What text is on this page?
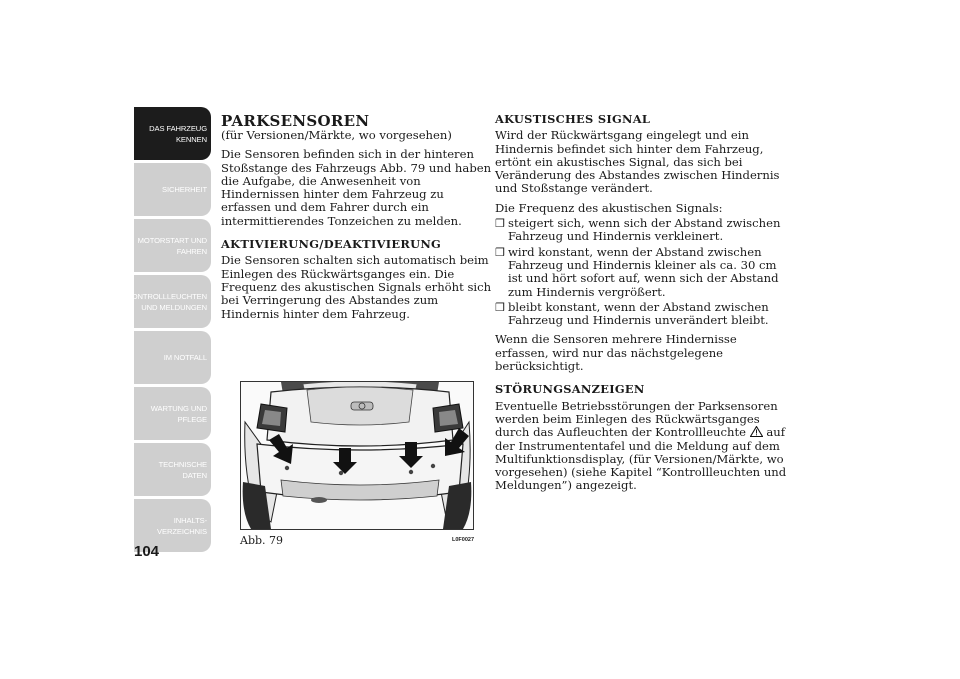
DAS FAHRZEUG
KENNEN
SICHERHEIT
MOTORSTART UND
FAHREN
KONTROLLLEUCHTEN
UND MELDUNGEN
IM NOTFALL
WARTUNG UND
PFLEGE
TECHNISCHE
DATEN
INHALTS-
VERZEICHNIS
104
PARKSENSOREN

(für Versionen/Märkte, wo vorgesehen)

Die Sensoren befinden sich in der hinteren Stoßstange des Fahrzeugs Abb. 79 und haben die Aufgabe, die Anwesenheit von Hindernissen hinter dem Fahrzeug zu erfassen und dem Fahrer durch ein intermittierendes Tonzeichen zu melden.

AKTIVIERUNG/DEAKTIVIERUNG

Die Sensoren schalten sich automatisch beim Einlegen des Rückwärtsganges ein. Die Frequenz des akustischen Signals erhöht sich bei Verringerung des Abstandes zum Hindernis hinter dem Fahrzeug.

Abb. 79	L0F0027
AKUSTISCHES SIGNAL

Wird der Rückwärtsgang eingelegt und ein Hindernis befindet sich hinter dem Fahrzeug, ertönt ein akustisches Signal, das sich bei Veränderung des Abstandes zwischen Hindernis und Stoßstange verändert.

Die Frequenz des akustischen Signals:

❒ steigert sich, wenn sich der Abstand zwischen Fahrzeug und Hindernis verkleinert.
❒ wird konstant, wenn der Abstand zwischen Fahrzeug und Hindernis kleiner als ca. 30 cm ist und hört sofort auf, wenn sich der Abstand zum Hindernis vergrößert.
❒ bleibt konstant, wenn der Abstand zwischen Fahrzeug und Hindernis unverändert bleibt.

Wenn die Sensoren mehrere Hindernisse erfassen, wird nur das nächstgelegene berücksichtigt.

STÖRUNGSANZEIGEN

Eventuelle Betriebsstörungen der Parksensoren werden beim Einlegen des Rückwärtsganges durch das Aufleuchten der Kontrollleuchte auf der Instrumententafel und die Meldung auf dem Multifunktionsdisplay, (für Versionen/Märkte, wo vorgesehen) (siehe Kapitel “Kontrollleuchten und Meldungen”) angezeigt.
